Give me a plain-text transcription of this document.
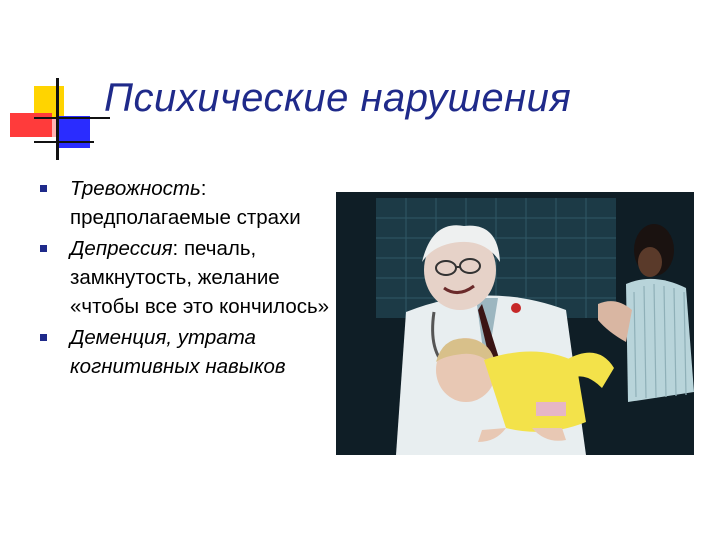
Психические нарушения
Тревожность: предполагаемые страхи
Депрессия: печаль, замкнутость, желание «чтобы все это кончилось»
Деменция, утрата когнитивных навыков
